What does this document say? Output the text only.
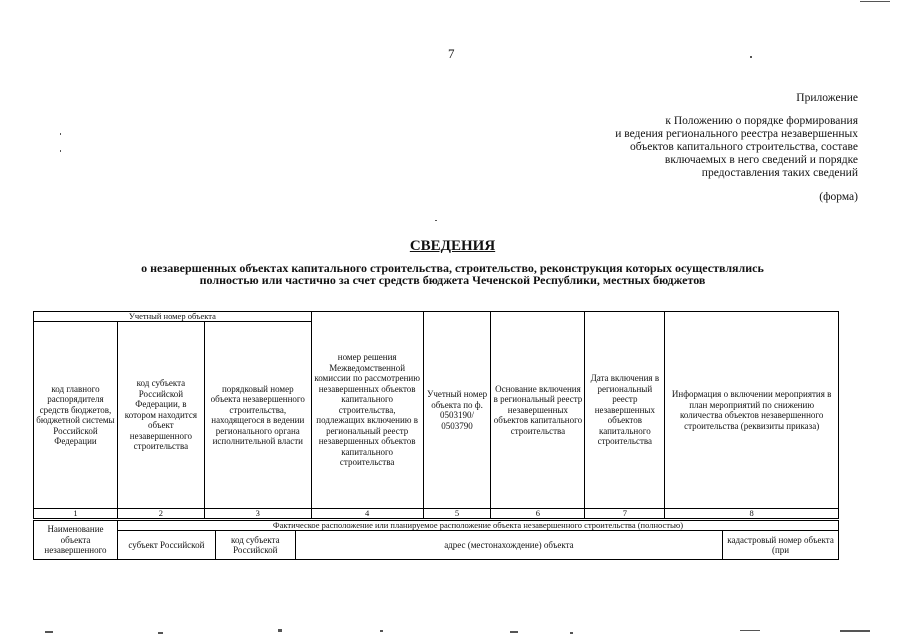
7
Приложение
к Положению о порядке формирования
и ведения регионального реестра незавершенных
объектов капитального строительства, составе
включаемых в него сведений и порядке
предоставления таких сведений
(форма)
СВЕДЕНИЯ
о незавершенных объектах капитального строительства, строительство, реконструкция которых осуществлялись
полностью или частично за счет средств бюджета Чеченской Республики, местных бюджетов
Учетный номер объекта			номер решения Межведомственной комиссии по рассмотрению незавершенных объектов капитального строительства, подлежащих включению в региональный реестр незавершенных объектов капитального строительства	Учетный номер объекта по ф. 0503190/ 0503790	Основание включения в региональный реестр незавершенных объектов капитального строительства	Дата включения в региональный реестр незавершенных объектов капитального строительства	Информация о включении мероприятия в план мероприятий по снижению количества объектов незавершенного строительства (реквизиты приказа)
код главного распорядителя средств бюджетов, бюджетной системы Российской Федерации	код субъекта Российской Федерации, в котором находится объект незавершенного строительства	порядковый номер объекта незавершенного строительства, находящегося в ведении регионального органа исполнительной власти					
1	2	3	4	5	6	7	8
Наименование объекта незавершенного	Фактическое расположение или планируемое расположение объекта незавершенного строительства (полностью)			
	субъект Российской	код субъекта Российской	адрес (местонахождение) объекта	кадастровый номер объекта (при
